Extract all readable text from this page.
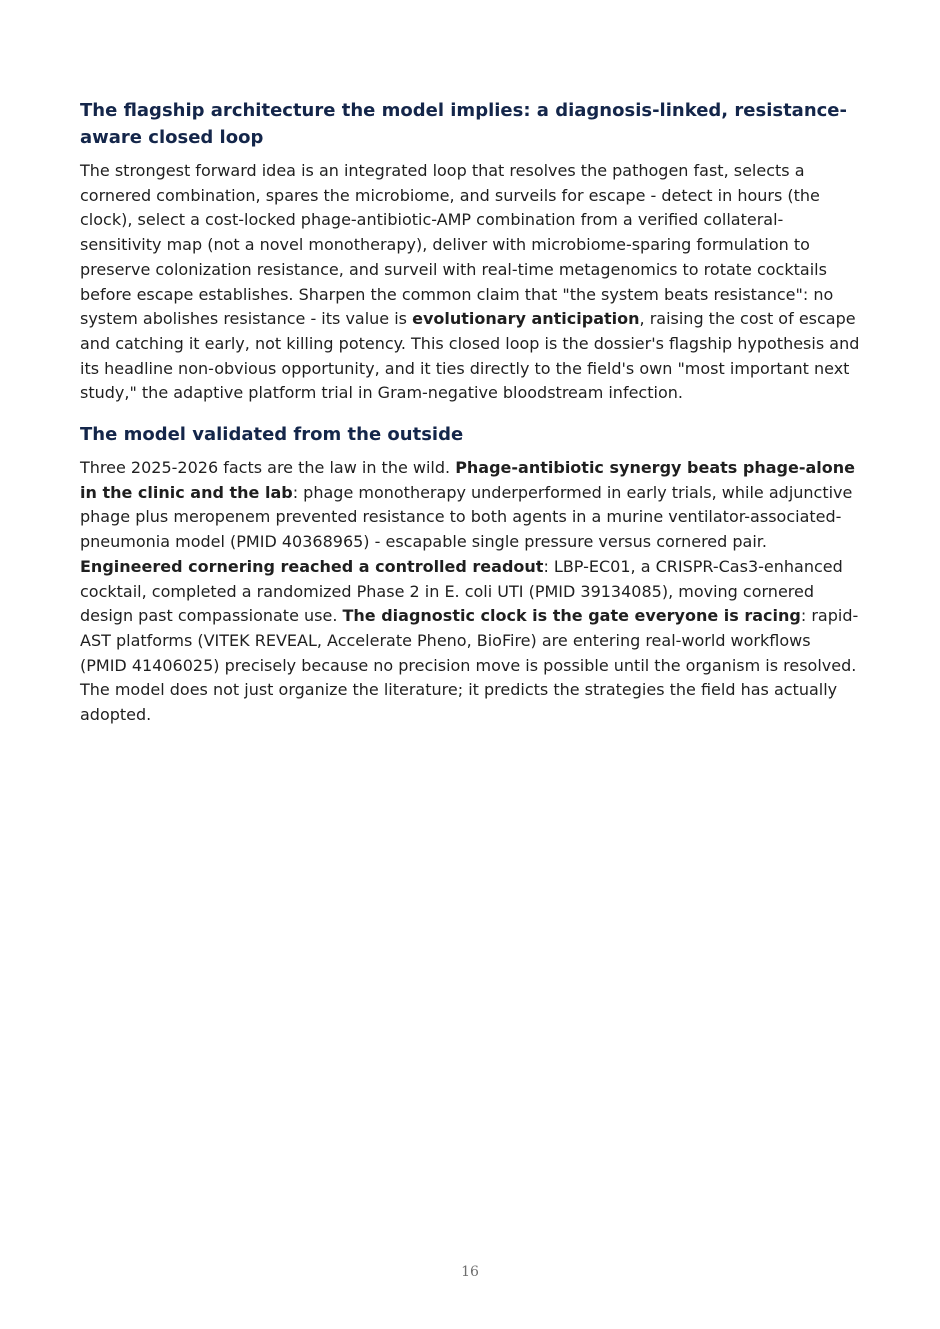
The flagship architecture the model implies: a diagnosis-linked, resistance-aware closed loop

The strongest forward idea is an integrated loop that resolves the pathogen fast, selects a cornered combination, spares the microbiome, and surveils for escape - detect in hours (the clock), select a cost-locked phage-antibiotic-AMP combination from a verified collateral-sensitivity map (not a novel monotherapy), deliver with microbiome-sparing formulation to preserve colonization resistance, and surveil with real-time metagenomics to rotate cocktails before escape establishes. Sharpen the common claim that "the system beats resistance": no system abolishes resistance - its value is evolutionary anticipation, raising the cost of escape and catching it early, not killing potency. This closed loop is the dossier's flagship hypothesis and its headline non-obvious opportunity, and it ties directly to the field's own "most important next study," the adaptive platform trial in Gram-negative bloodstream infection.

The model validated from the outside

Three 2025-2026 facts are the law in the wild. Phage-antibiotic synergy beats phage-alone in the clinic and the lab: phage monotherapy underperformed in early trials, while adjunctive phage plus meropenem prevented resistance to both agents in a murine ventilator-associated-pneumonia model (PMID 40368965) - escapable single pressure versus cornered pair. Engineered cornering reached a controlled readout: LBP-EC01, a CRISPR-Cas3-enhanced cocktail, completed a randomized Phase 2 in E. coli UTI (PMID 39134085), moving cornered design past compassionate use. The diagnostic clock is the gate everyone is racing: rapid-AST platforms (VITEK REVEAL, Accelerate Pheno, BioFire) are entering real-world workflows (PMID 41406025) precisely because no precision move is possible until the organism is resolved. The model does not just organize the literature; it predicts the strategies the field has actually adopted.

16
